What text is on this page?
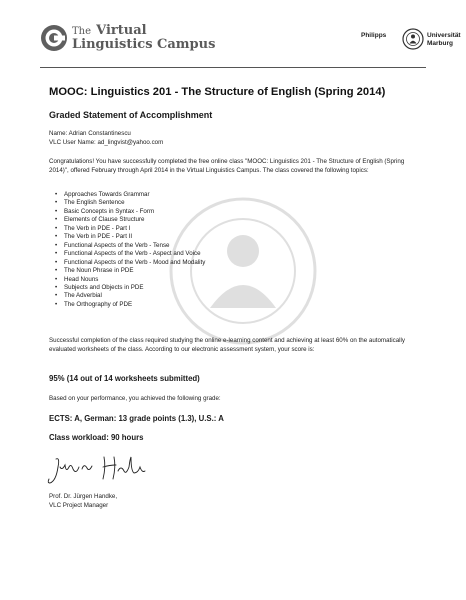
The Virtual
Linguistics Campus
Philipps	Universität
Marburg
MOOC: Linguistics 201 - The Structure of English (Spring 2014)
Graded Statement of Accomplishment
Name: Adrian Constantinescu
VLC User Name: ad_lingvist@yahoo.com
Congratulations! You have successfully completed the free online class "MOOC: Linguistics 201 - The Structure of English (Spring 2014)", offered February through April 2014 in the Virtual Linguistics Campus. The class covered the following topics:
• Approaches Towards Grammar
• The English Sentence
• Basic Concepts in Syntax - Form
• Elements of Clause Structure
• The Verb in PDE - Part I
• The Verb in PDE - Part II
• Functional Aspects of the Verb - Tense
• Functional Aspects of the Verb - Aspect and Voice
• Functional Aspects of the Verb - Mood and Modality
• The Noun Phrase in PDE
• Head Nouns
• Subjects and Objects in PDE
• The Adverbial
• The Orthography of PDE
Successful completion of the class required studying the online e-learning content and achieving at least 60% on the automatically evaluated worksheets of the class. According to our electronic assessment system, your score is:
95% (14 out of 14 worksheets submitted)
Based on your performance, you achieved the following grade:
ECTS: A, German: 13 grade points (1.3), U.S.: A
Class workload: 90 hours
Prof. Dr. Jürgen Handke,
VLC Project Manager
